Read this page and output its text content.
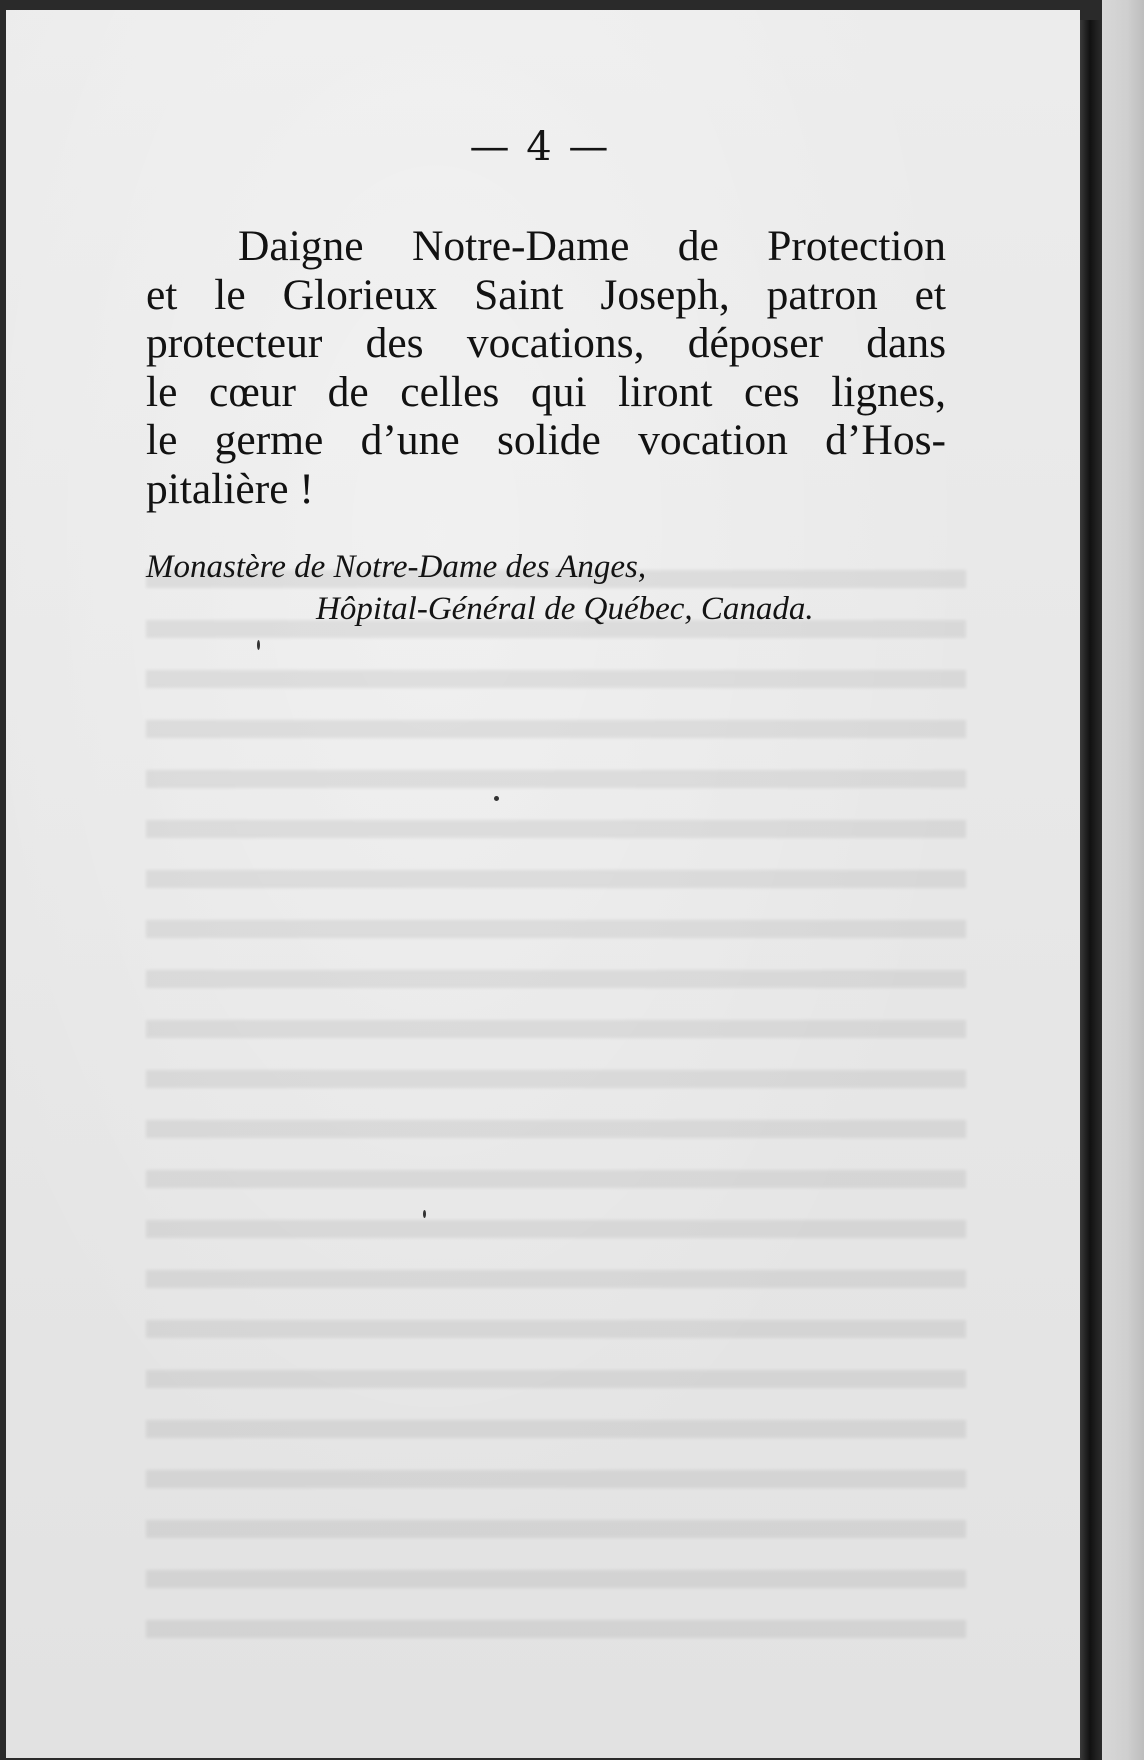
— 4 —

Daigne Notre-Dame de Protection
et le Glorieux Saint Joseph, patron et
protecteur des vocations, déposer dans
le cœur de celles qui liront ces lignes,
le germe d’une solide vocation d’Hos-
pitalière !

Monastère de Notre-Dame des Anges,
Hôpital-Général de Québec, Canada.
